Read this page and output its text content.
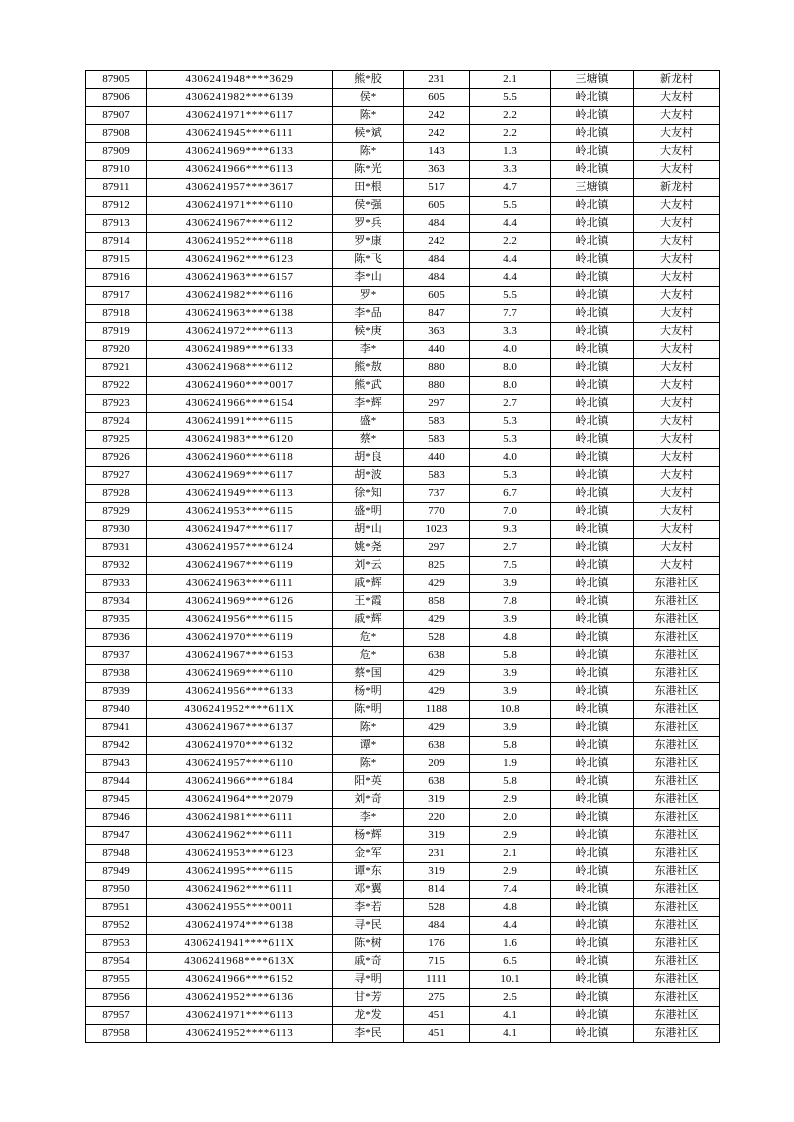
87905	4306241948****3629	熊*胶	231	2.1	三塘镇	新龙村
87906	4306241982****6139	侯*	605	5.5	岭北镇	大友村
87907	4306241971****6117	陈*	242	2.2	岭北镇	大友村
87908	4306241945****6111	候*斌	242	2.2	岭北镇	大友村
87909	4306241969****6133	陈*	143	1.3	岭北镇	大友村
87910	4306241966****6113	陈*光	363	3.3	岭北镇	大友村
87911	4306241957****3617	田*根	517	4.7	三塘镇	新龙村
87912	4306241971****6110	侯*强	605	5.5	岭北镇	大友村
87913	4306241967****6112	罗*兵	484	4.4	岭北镇	大友村
87914	4306241952****6118	罗*康	242	2.2	岭北镇	大友村
87915	4306241962****6123	陈*飞	484	4.4	岭北镇	大友村
87916	4306241963****6157	李*山	484	4.4	岭北镇	大友村
87917	4306241982****6116	罗*	605	5.5	岭北镇	大友村
87918	4306241963****6138	李*品	847	7.7	岭北镇	大友村
87919	4306241972****6113	候*庚	363	3.3	岭北镇	大友村
87920	4306241989****6133	李*	440	4.0	岭北镇	大友村
87921	4306241968****6112	熊*敖	880	8.0	岭北镇	大友村
87922	4306241960****0017	熊*武	880	8.0	岭北镇	大友村
87923	4306241966****6154	李*辉	297	2.7	岭北镇	大友村
87924	4306241991****6115	盛*	583	5.3	岭北镇	大友村
87925	4306241983****6120	蔡*	583	5.3	岭北镇	大友村
87926	4306241960****6118	胡*良	440	4.0	岭北镇	大友村
87927	4306241969****6117	胡*波	583	5.3	岭北镇	大友村
87928	4306241949****6113	徐*知	737	6.7	岭北镇	大友村
87929	4306241953****6115	盛*明	770	7.0	岭北镇	大友村
87930	4306241947****6117	胡*山	1023	9.3	岭北镇	大友村
87931	4306241957****6124	姚*尧	297	2.7	岭北镇	大友村
87932	4306241967****6119	刘*云	825	7.5	岭北镇	大友村
87933	4306241963****6111	戚*辉	429	3.9	岭北镇	东港社区
87934	4306241969****6126	王*霞	858	7.8	岭北镇	东港社区
87935	4306241956****6115	戚*辉	429	3.9	岭北镇	东港社区
87936	4306241970****6119	危*	528	4.8	岭北镇	东港社区
87937	4306241967****6153	危*	638	5.8	岭北镇	东港社区
87938	4306241969****6110	蔡*国	429	3.9	岭北镇	东港社区
87939	4306241956****6133	杨*明	429	3.9	岭北镇	东港社区
87940	4306241952****611X	陈*明	1188	10.8	岭北镇	东港社区
87941	4306241967****6137	陈*	429	3.9	岭北镇	东港社区
87942	4306241970****6132	谭*	638	5.8	岭北镇	东港社区
87943	4306241957****6110	陈*	209	1.9	岭北镇	东港社区
87944	4306241966****6184	阳*英	638	5.8	岭北镇	东港社区
87945	4306241964****2079	刘*奇	319	2.9	岭北镇	东港社区
87946	4306241981****6111	李*	220	2.0	岭北镇	东港社区
87947	4306241962****6111	杨*辉	319	2.9	岭北镇	东港社区
87948	4306241953****6123	金*军	231	2.1	岭北镇	东港社区
87949	4306241995****6115	谭*东	319	2.9	岭北镇	东港社区
87950	4306241962****6111	邓*翼	814	7.4	岭北镇	东港社区
87951	4306241955****0011	李*若	528	4.8	岭北镇	东港社区
87952	4306241974****6138	寻*民	484	4.4	岭北镇	东港社区
87953	4306241941****611X	陈*树	176	1.6	岭北镇	东港社区
87954	4306241968****613X	戚*奇	715	6.5	岭北镇	东港社区
87955	4306241966****6152	寻*明	1111	10.1	岭北镇	东港社区
87956	4306241952****6136	甘*芳	275	2.5	岭北镇	东港社区
87957	4306241971****6113	龙*发	451	4.1	岭北镇	东港社区
87958	4306241952****6113	李*民	451	4.1	岭北镇	东港社区
